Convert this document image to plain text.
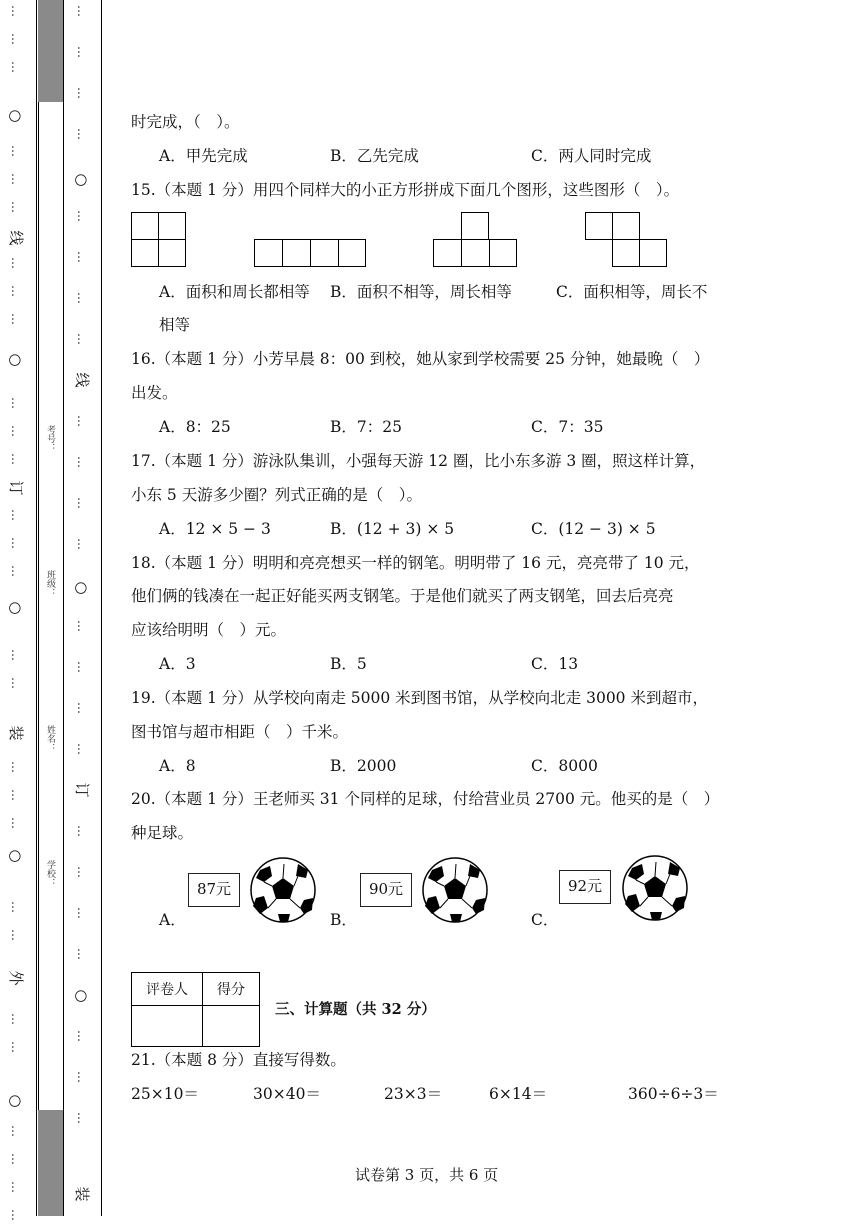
…
…
…
…
…
…
…
…
…
…
…
…
…
…
…
…
…
…
…
…
…
…
…
…
…
…
…
…
○
线
○
订
○
装
○
外
○
…
…
…
…
…
…
…
…
…
…
…
…
…
…
…
…
…
…
…
…
…
…
…
○
线
○
订
○
装
考号：
班级：
姓名：
学校：
时完成，（　）。
A．甲先完成	B．乙先完成	C．两人同时完成
15.（本题 1 分）用四个同样大的小正方形拼成下面几个图形，这些图形（　）。
A．面积和周长都相等 B．面积不相等，周长相等	C．面积相等，周长不
相等
16.（本题 1 分）小芳早晨 8：00 到校，她从家到学校需要 25 分钟，她最晚（　）
出发。
A．8：25	B．7：25	C．7：35
17.（本题 1 分）游泳队集训，小强每天游 12 圈，比小东多游 3 圈，照这样计算，
小东 5 天游多少圈？列式正确的是（　）。
A．12 × 5 − 3	B．(12 + 3) × 5	C．(12 − 3) × 5
18.（本题 1 分）明明和亮亮想买一样的钢笔。明明带了 16 元，亮亮带了 10 元，
他们俩的钱凑在一起正好能买两支钢笔。于是他们就买了两支钢笔，回去后亮亮
应该给明明（　）元。
A．3	B．5	C．13
19.（本题 1 分）从学校向南走 5000 米到图书馆，从学校向北走 3000 米到超市，
图书馆与超市相距（　）千米。
A．8	B．2000	C．8000
20.（本题 1 分）王老师买 31 个同样的足球，付给营业员 2700 元。他买的是（　）
种足球。
A．
87元
B．
90元
C．
92元
评卷人	得分

三、计算题（共 32 分）
21.（本题 8 分）直接写得数。
25×10＝	30×40＝	23×3＝	6×14＝	360÷6÷3＝
试卷第 3 页，共 6 页
